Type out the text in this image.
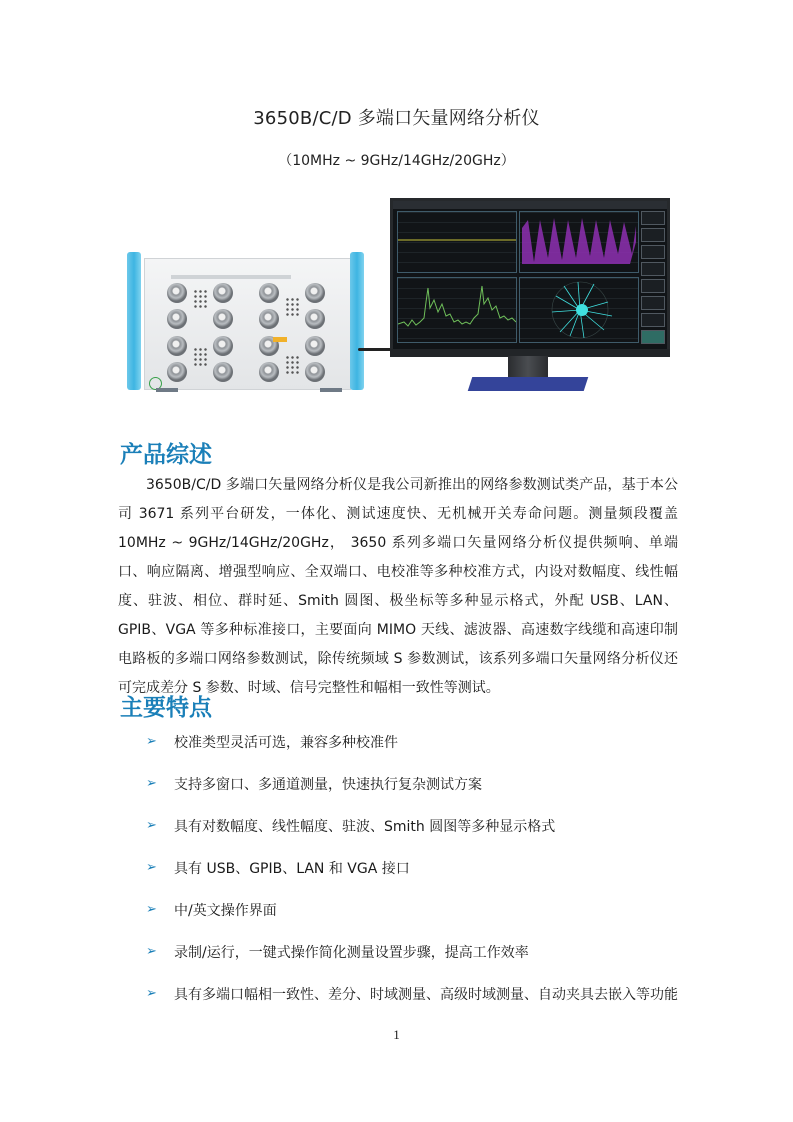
3650B/C/D 多端口矢量网络分析仪
（10MHz ~ 9GHz/14GHz/20GHz）
产品综述

3650B/C/D 多端口矢量网络分析仪是我公司新推出的网络参数测试类产品，基于本公司 3671 系列平台研发，一体化、测试速度快、无机械开关寿命问题。测量频段覆盖 10MHz ~ 9GHz/14GHz/20GHz， 3650 系列多端口矢量网络分析仪提供频响、单端口、响应隔离、增强型响应、全双端口、电校准等多种校准方式，内设对数幅度、线性幅度、驻波、相位、群时延、Smith 圆图、极坐标等多种显示格式，外配 USB、LAN、GPIB、VGA 等多种标准接口，主要面向 MIMO 天线、滤波器、高速数字线缆和高速印制电路板的多端口网络参数测试，除传统频域 S 参数测试，该系列多端口矢量网络分析仪还可完成差分 S 参数、时域、信号完整性和幅相一致性等测试。

主要特点
➢	校准类型灵活可选，兼容多种校准件
➢	支持多窗口、多通道测量，快速执行复杂测试方案
➢	具有对数幅度、线性幅度、驻波、Smith 圆图等多种显示格式
➢	具有 USB、GPIB、LAN 和 VGA 接口
➢	中/英文操作界面
➢	录制/运行，一键式操作简化测量设置步骤，提高工作效率
➢	具有多端口幅相一致性、差分、时域测量、高级时域测量、自动夹具去嵌入等功能
1
